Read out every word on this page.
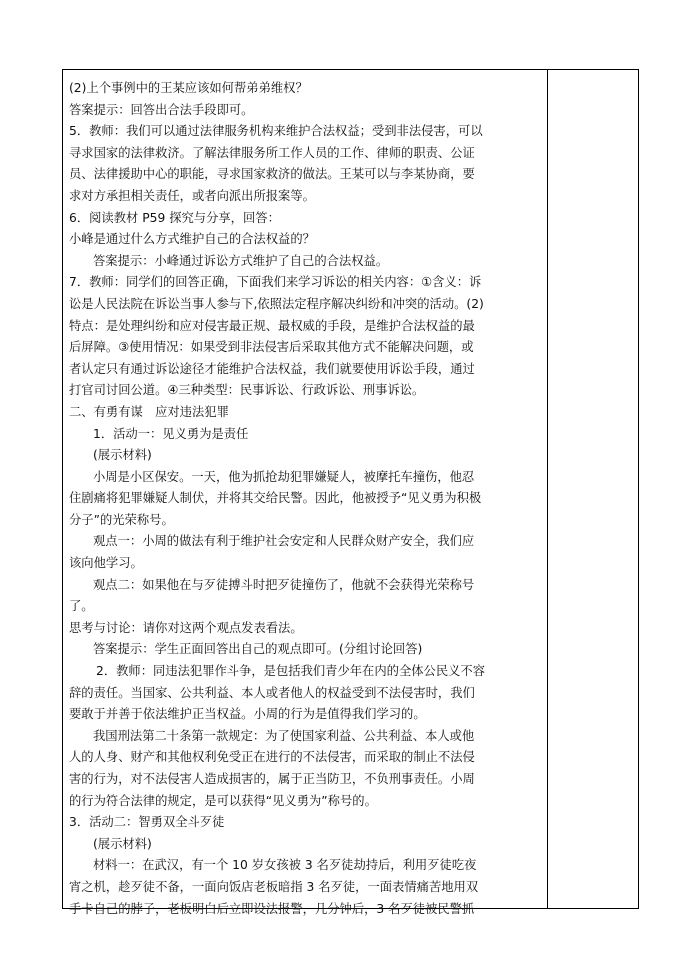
(2)上个事例中的王某应该如何帮弟弟维权？
答案提示：回答出合法手段即可。
5．教师：我们可以通过法律服务机构来维护合法权益；受到非法侵害，可以
寻求国家的法律救济。了解法律服务所工作人员的工作、律师的职责、公证
员、法律援助中心的职能，寻求国家救济的做法。王某可以与李某协商，要
求对方承担相关责任，或者向派出所报案等。
6．阅读教材 P59 探究与分享，回答：
小峰是通过什么方式维护自己的合法权益的？
答案提示：小峰通过诉讼方式维护了自己的合法权益。
7．教师：同学们的回答正确，下面我们来学习诉讼的相关内容：①含义：诉
讼是人民法院在诉讼当事人参与下,依照法定程序解决纠纷和冲突的活动。(2)
特点：是处理纠纷和应对侵害最正规、最权威的手段，是维护合法权益的最
后屏障。③使用情况：如果受到非法侵害后采取其他方式不能解决问题，或
者认定只有通过诉讼途径才能维护合法权益，我们就要使用诉讼手段，通过
打官司讨回公道。④三种类型：民事诉讼、行政诉讼、刑事诉讼。
二、有勇有谋　应对违法犯罪
1．活动一：见义勇为是责任
(展示材料)
小周是小区保安。一天，他为抓抢劫犯罪嫌疑人，被摩托车撞伤，他忍
住剧痛将犯罪嫌疑人制伏，并将其交给民警。因此，他被授予“见义勇为积极
分子”的光荣称号。
观点一：小周的做法有利于维护社会安定和人民群众财产安全，我们应
该向他学习。
观点二：如果他在与歹徒搏斗时把歹徒撞伤了，他就不会获得光荣称号
了。
思考与讨论：请你对这两个观点发表看法。
答案提示：学生正面回答出自己的观点即可。(分组讨论回答)
2．教师：同违法犯罪作斗争，是包括我们青少年在内的全体公民义不容
辞的责任。当国家、公共利益、本人或者他人的权益受到不法侵害时，我们
要敢于并善于依法维护正当权益。小周的行为是值得我们学习的。
我国刑法第二十条第一款规定：为了使国家利益、公共利益、本人或他
人的人身、财产和其他权利免受正在进行的不法侵害，而采取的制止不法侵
害的行为，对不法侵害人造成损害的，属于正当防卫，不负刑事责任。小周
的行为符合法律的规定，是可以获得“见义勇为”称号的。
3．活动二：智勇双全斗歹徒
(展示材料)
材料一：在武汉，有一个 10 岁女孩被 3 名歹徒劫持后，利用歹徒吃夜
宵之机，趁歹徒不备，一面向饭店老板暗指 3 名歹徒，一面表情痛苦地用双
手卡自己的脖子，老板明白后立即设法报警，几分钟后，3 名歹徒被民警抓
